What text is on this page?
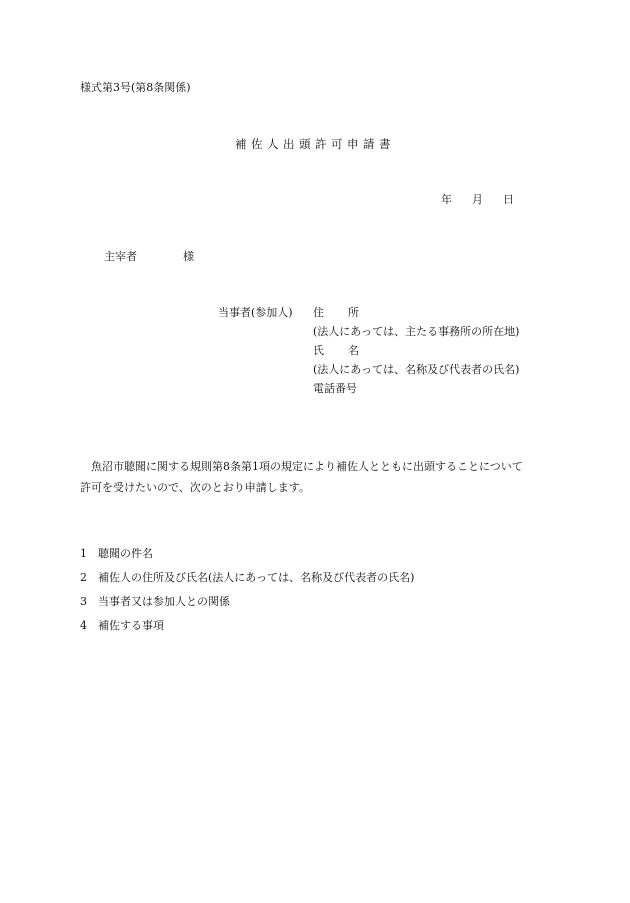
様式第3号(第8条関係)
補佐人出頭許可申請書
年 月 日
主宰者	様
当事者(参加人) 住 所
(法人にあっては、主たる事務所の所在地)
氏 名
(法人にあっては、名称及び代表者の氏名)
電話番号
魚沼市聴聞に関する規則第8条第1項の規定により補佐人とともに出頭することについて
許可を受けたいので、次のとおり申請します。
1 聴聞の件名
2 補佐人の住所及び氏名(法人にあっては、名称及び代表者の氏名)
3 当事者又は参加人との関係
4 補佐する事項
